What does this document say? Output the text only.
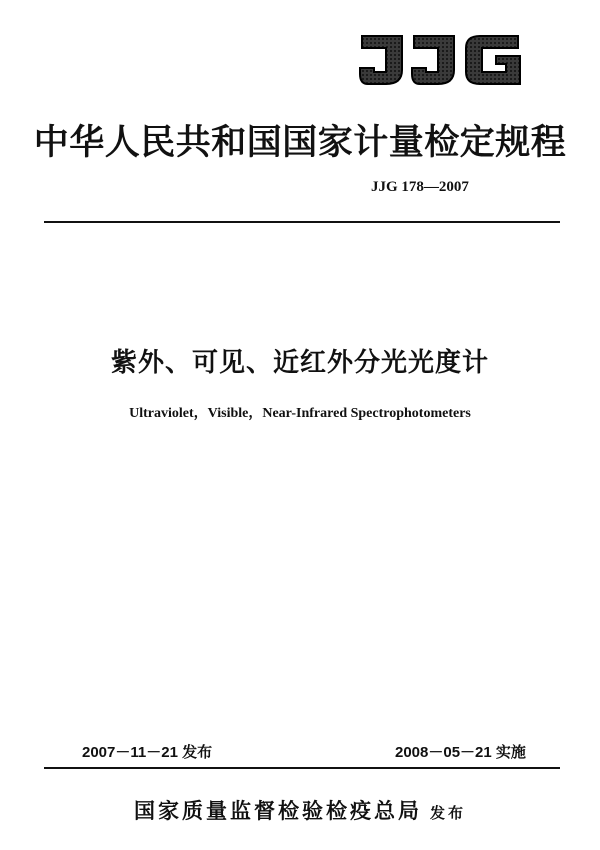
中华人民共和国国家计量检定规程
JJG 178—2007
紫外、可见、近红外分光光度计
Ultraviolet，Visible，Near-Infrared Spectrophotometers
2007－11－21 发布	2008－05－21 实施
国家质量监督检验检疫总局 发布
